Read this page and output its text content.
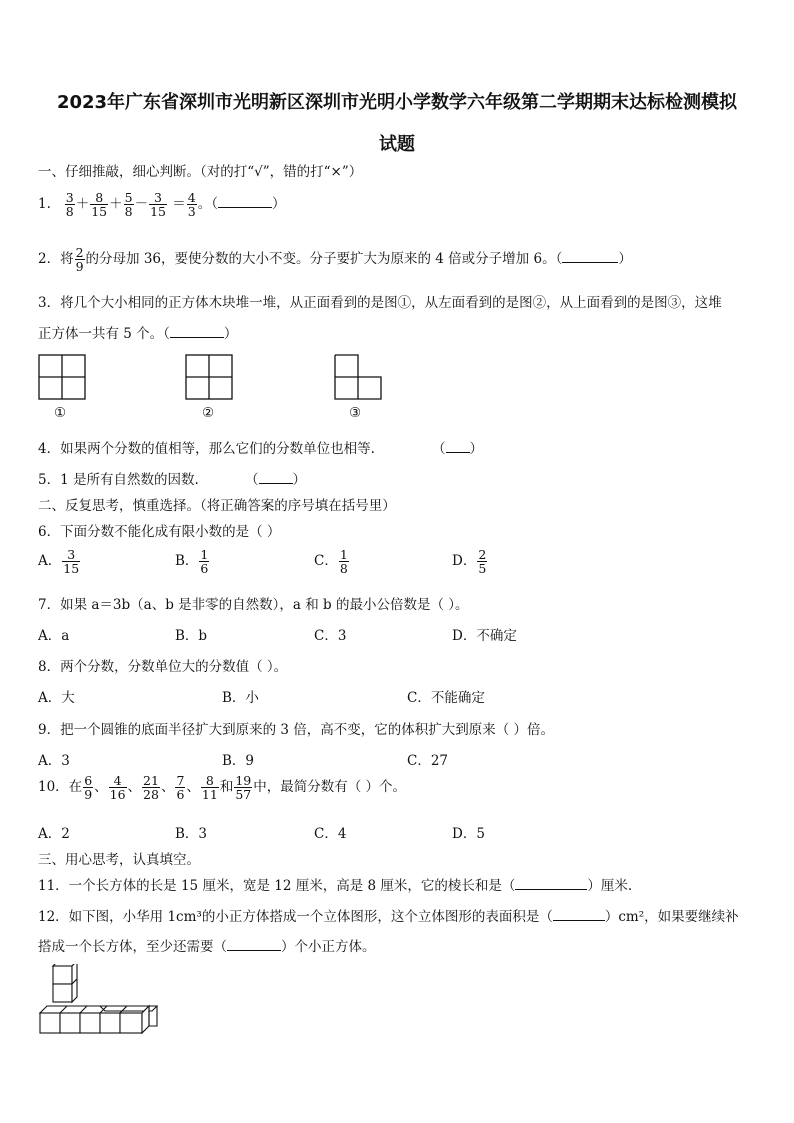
2023年广东省深圳市光明新区深圳市光明小学数学六年级第二学期期末达标检测模拟
试题
一、仔细推敲，细心判断。（对的打“√”，错的打“×”）
1. $\frac{3}{8} + \frac{8}{15} + \frac{5}{8} - \frac{3}{15} = \frac{4}{3}$ 。（	）
2．将 $\frac{2}{9}$ 的分母加 36，要使分数的大小不变。分子要扩大为原来的 4 倍或分子增加 6。（	）
3．将几个大小相同的正方体木块堆一堆，从正面看到的是图①，从左面看到的是图②，从上面看到的是图③，这堆
正方体一共有 5 个。（	）
①	②	③
4．如果两个分数的值相等，那么它们的分数单位也相等.	（ ）
5．1 是所有自然数的因数.	（	）
二、反复思考，慎重选择。（将正确答案的序号填在括号里）
6．下面分数不能化成有限小数的是（ ）
A． $\frac{3}{15}$	B． $\frac{1}{6}$	C． $\frac{1}{8}$	D． $\frac{2}{5}$
7．如果 a＝3b（a、b 是非零的自然数），a 和 b 的最小公倍数是（ ）。
A．a	B．b	C．3	D．不确定
8．两个分数，分数单位大的分数值（ ）。
A．大	B．小	C．不能确定
9．把一个圆锥的底面半径扩大到原来的 3 倍，高不变，它的体积扩大到原来（ ）倍。
A．3	B．9	C．27
10．在 $\frac{6}{9}$ 、 $\frac{4}{16}$ 、 $\frac{21}{28}$ 、 $\frac{7}{6}$ 、 $\frac{8}{11}$ 和 $\frac{19}{57}$ 中，最简分数有（ ）个。
A．2	B．3	C．4	D．5
三、用心思考，认真填空。
11．一个长方体的长是 15 厘米，宽是 12 厘米，高是 8 厘米，它的棱长和是（	）厘米.
12．如下图，小华用 1cm³的小正方体搭成一个立体图形，这个立体图形的表面积是（	）cm²，如果要继续补
搭成一个长方体，至少还需要（	）个小正方体。
